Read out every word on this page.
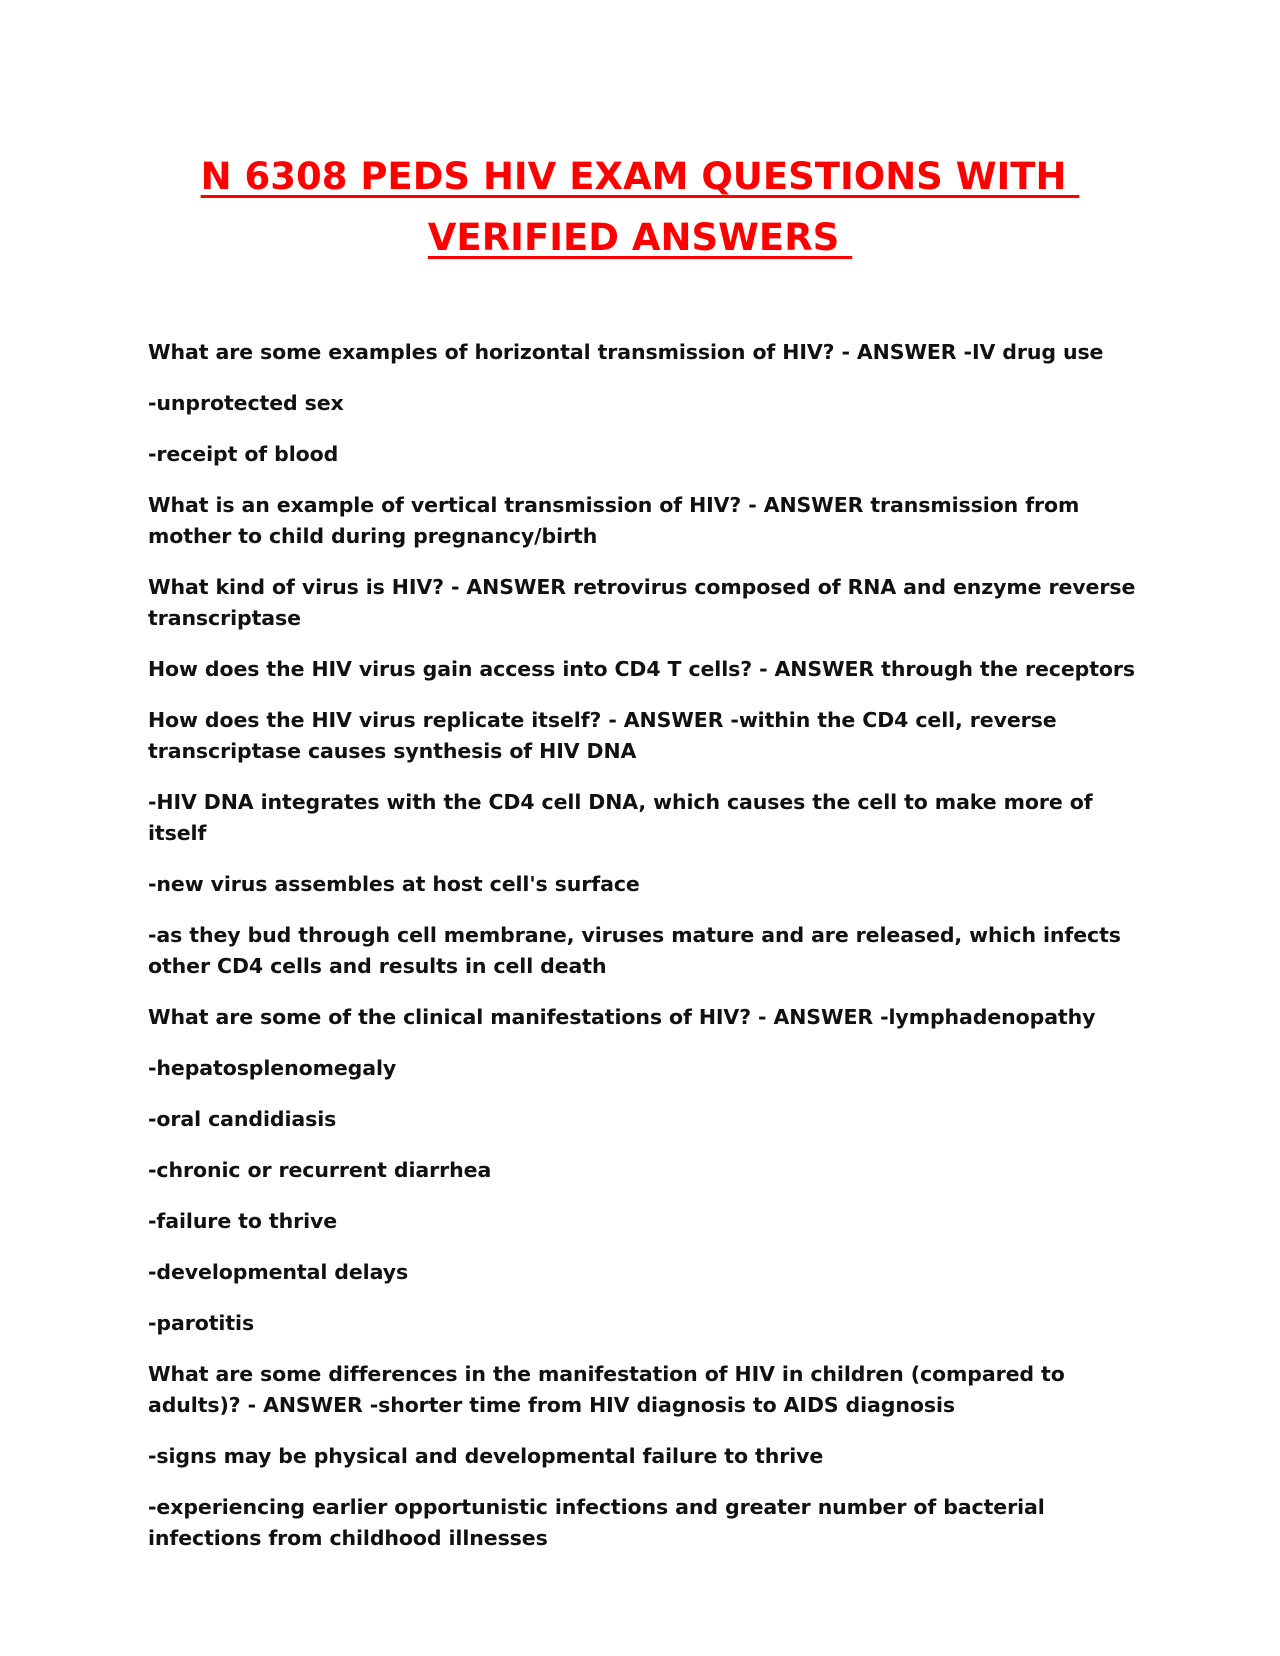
N 6308 PEDS HIV EXAM QUESTIONS WITH
VERIFIED ANSWERS

What are some examples of horizontal transmission of HIV? - ANSWER -IV drug use

-unprotected sex

-receipt of blood

What is an example of vertical transmission of HIV? - ANSWER transmission from mother to child during pregnancy/birth

What kind of virus is HIV? - ANSWER retrovirus composed of RNA and enzyme reverse transcriptase

How does the HIV virus gain access into CD4 T cells? - ANSWER through the receptors

How does the HIV virus replicate itself? - ANSWER -within the CD4 cell, reverse transcriptase causes synthesis of HIV DNA

-HIV DNA integrates with the CD4 cell DNA, which causes the cell to make more of itself

-new virus assembles at host cell's surface

-as they bud through cell membrane, viruses mature and are released, which infects other CD4 cells and results in cell death

What are some of the clinical manifestations of HIV? - ANSWER -lymphadenopathy

-hepatosplenomegaly

-oral candidiasis

-chronic or recurrent diarrhea

-failure to thrive

-developmental delays

-parotitis

What are some differences in the manifestation of HIV in children (compared to adults)? - ANSWER -shorter time from HIV diagnosis to AIDS diagnosis

-signs may be physical and developmental failure to thrive

-experiencing earlier opportunistic infections and greater number of bacterial infections from childhood illnesses
